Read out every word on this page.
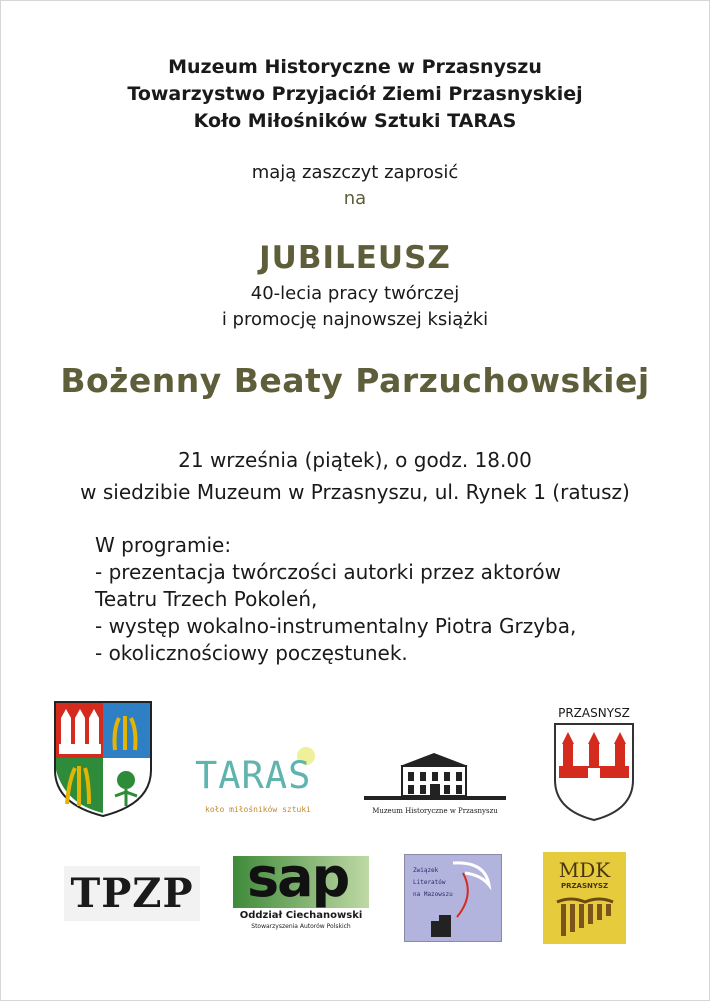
Muzeum Historyczne w Przasnyszu
Towarzystwo Przyjaciół Ziemi Przasnyskiej
Koło Miłośników Sztuki TARAS
mają zaszczyt zaprosić
na
JUBILEUSZ
40-lecia pracy twórczej
i promocję najnowszej książki
Bożenny Beaty Parzuchowskiej
21 września (piątek), o godz. 18.00
w siedzibie Muzeum w Przasnyszu, ul. Rynek 1 (ratusz)
W programie:
- prezentacja twórczości autorki przez aktorów
Teatru Trzech Pokoleń,
- występ wokalno-instrumentalny Piotra Grzyba,
- okolicznościowy poczęstunek.
TARAS
koło miłośników sztuki	Muzeum Historyczne w Przasnyszu
PRZASNYSZ
TPZP sap
Oddział Ciechanowski
Stowarzyszenia Autorów Polskich
Związek Literatów na Mazowszu
MDK
PRZASNYSZ
